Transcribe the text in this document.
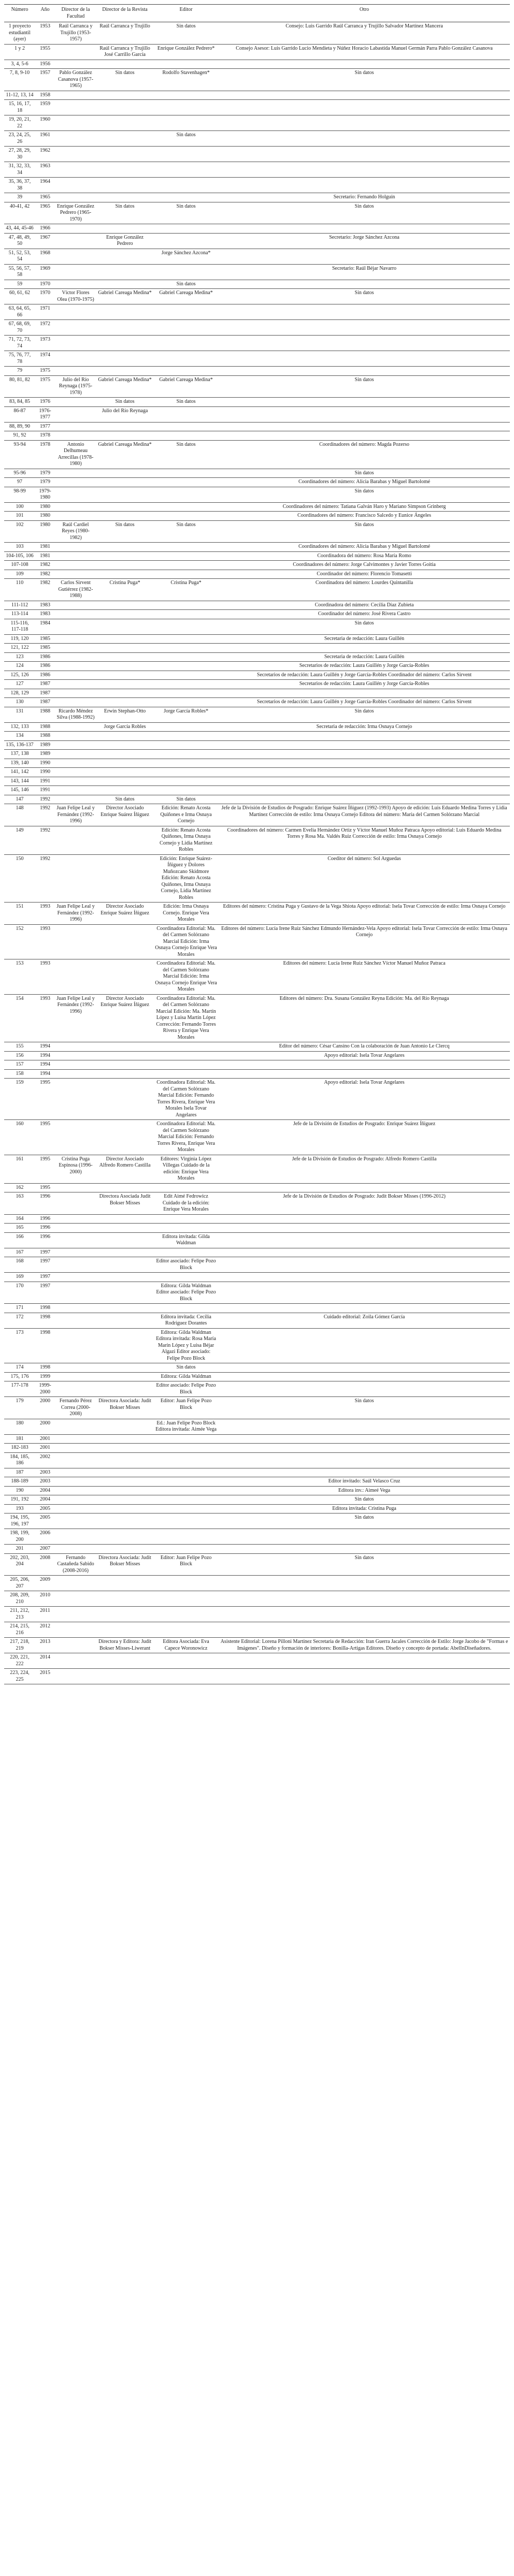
Número	Año	Director de la Facultad	Director de la Revista	Editor	Otro
1 proyecto estudiantil (ayer)	1953	Raúl Carranca y Trujillo (1953-1957)	Raúl Carranca y Trujillo	Sin datos	Consejo: Luis Garrido Raúl Carranca y Trujillo Salvador Martínez Mancera
1 y 2	1955		Raúl Carranca y Trujillo José Carrillo García	Enrique González Pedrero*	Consejo Asesor: Luis Garrido Lucio Mendieta y Núñez Horacio Labastida Manuel Germán Parra Pablo González Casanova
3, 4, 5-6	1956				
7, 8, 9-10	1957	Pablo González Casanova (1957-1965)	Sin datos	Rodolfo Stavenhagen*	Sin datos
11-12, 13, 14	1958				
15, 16, 17, 18	1959				
19, 20, 21, 22	1960				
23, 24, 25, 26	1961			Sin datos	
27, 28, 29, 30	1962				
31, 32, 33, 34	1963				
35, 36, 37, 38	1964				
39	1965				Secretario: Fernando Holguín
40-41, 42	1965	Enrique González Pedrero (1965-1970)	Sin datos	Sin datos	Sin datos
43, 44, 45-46	1966				
47, 48, 49, 50	1967		Enrique González Pedrero		Secretario: Jorge Sánchez Azcona
51, 52, 53, 54	1968			Jorge Sánchez Azcona*	
55, 56, 57, 58	1969				Secretario: Raúl Béjar Navarro
59	1970			Sin datos	
60, 61, 62	1970	Víctor Flores Olea (1970-1975)	Gabriel Careaga Medina*	Gabriel Careaga Medina*	Sin datos
63, 64, 65, 66	1971				
67, 68, 69, 70	1972				
71, 72, 73, 74	1973				
75, 76, 77, 78	1974				
79	1975				
80, 81, 82	1975	Julio del Río Reynaga (1975-1978)	Gabriel Careaga Medina*	Gabriel Careaga Medina*	Sin datos
83, 84, 85	1976		Sin datos	Sin datos	
86-87	1976-1977		Julio del Río Reynaga		
88, 89, 90	1977				
91, 92	1978				
93-94	1978	Antonio Delhumeau Arrecillas (1978-1980)	Gabriel Careaga Medina*	Sin datos	Coordinadores del número: Magda Pozerso
95-96	1979				Sin datos
97	1979				Coordinadores del número: Alicia Barabas y Miguel Bartolomé
98-99	1979-1980				Sin datos
100	1980				Coordinadores del número: Tatiana Galván Haro y Mariano Simpson Grinberg
101	1980				Coordinadores del número: Francisco Salcedo y Eunice Ángeles
102	1980	Raúl Cardiel Reyes (1980-1982)	Sin datos	Sin datos	Sin datos
103	1981				Coordinadores del número: Alicia Barabas y Miguel Bartolomé
104-105, 106	1981				Coordinadora del número: Rosa María Romo
107-108	1982				Coordinadores del número: Jorge Calvimontes y Javier Torres Goitia
109	1982				Coordinador del número: Florencio Tomasetti
110	1982	Carlos Sirvent Gutiérrez (1982-1988)	Cristina Puga*	Cristina Puga*	Coordinadora del número: Lourdes Quintanilla
111-112	1983				Coordinadora del número: Cecilia Díaz Zubieta
113-114	1983				Coordinador del número: José Rivera Castro
115-116, 117-118	1984				Sin datos
119, 120	1985				Secretaria de redacción: Laura Guillén
121, 122	1985				
123	1986				Secretaria de redacción: Laura Guillén
124	1986				Secretarios de redacción: Laura Guillén y Jorge García-Robles
125, 126	1986				Secretarios de redacción: Laura Guillén y Jorge García-Robles Coordinador del número: Carlos Sirvent
127	1987				Secretarios de redacción: Laura Guillén y Jorge García-Robles
128, 129	1987				
130	1987				Secretarios de redacción: Laura Guillén y Jorge García-Robles Coordinador del número: Carlos Sirvent
131	1988	Ricardo Méndez Silva (1988-1992)	Erwin Stephan-Otto	Jorge García Robles*	Sin datos
132, 133	1988		Jorge García Robles		Secretaria de redacción: Irma Osnaya Cornejo
134	1988				
135, 136-137	1989				
137, 138	1989				
139, 140	1990				
141, 142	1990				
143, 144	1991				
145, 146	1991				
147	1992		Sin datos	Sin datos	
148	1992	Juan Felipe Leal y Fernández (1992-1996)	Director Asociado Enrique Suárez Íñiguez	Edición: Renato Acosta Quiñones e Irma Osnaya Cornejo	Jefe de la División de Estudios de Posgrado: Enrique Suárez Íñiguez (1992-1993) Apoyo de edición: Luis Eduardo Medina Torres y Lidia Martínez Corrección de estilo: Irma Osnaya Cornejo Editora del número: María del Carmen Solórzano Marcial
149	1992			Edición: Renato Acosta Quiñones, Irma Osnaya Cornejo y Lidia Martínez Robles	Coordinadores del número: Carmen Evelia Hernández Ortiz y Víctor Manuel Muñoz Patraca Apoyo editorial: Luis Eduardo Medina Torres y Rosa Ma. Valdés Ruiz Corrección de estilo: Irma Osnaya Cornejo
150	1992			Edición: Enrique Suárez-Íñiguez y Dolores Muñozcano Skidmore Edición: Renato Acosta Quiñones, Irma Osnaya Cornejo, Lidia Martínez Robles	Coeditor del número: Sol Arguedas
151	1993	Juan Felipe Leal y Fernández (1992-1996)	Director Asociado Enrique Suárez Íñiguez	Edición: Irma Osnaya Cornejo. Enrique Vera Morales	Editores del número: Cristina Puga y Gustavo de la Vega Shiota Apoyo editorial: Isela Tovar Corrección de estilo: Irma Osnaya Cornejo
152	1993			Coordinadora Editorial: Ma. del Carmen Solórzano Marcial Edición: Irma Osnaya Cornejo Enrique Vera Morales	Editores del número: Lucía Irene Ruiz Sánchez Edmundo Hernández-Vela Apoyo editorial: Isela Tovar Corrección de estilo: Irma Osnaya Cornejo
153	1993			Coordinadora Editorial: Ma. del Carmen Solórzano Marcial Edición: Irma Osnaya Cornejo Enrique Vera Morales	Editores del número: Lucía Irene Ruiz Sánchez Víctor Manuel Muñoz Patraca
154	1993	Juan Felipe Leal y Fernández (1992-1996)	Director Asociado Enrique Suárez Íñiguez	Coordinadora Editorial: Ma. del Carmen Solórzano Marcial Edición: Ma. Martín López y Luisa Martín López Corrección: Fernando Torres Rivera y Enrique Vera Morales	Editores del número: Dra. Susana González Reyna Edición: Ma. del Río Reynaga
155	1994				Editor del número: César Cansino Con la colaboración de Juan Antonio Le Clercq
156	1994				Apoyo editorial: Isela Tovar Angelares
157	1994				
158	1994				
159	1995			Coordinadora Editorial: Ma. del Carmen Solórzano Marcial Edición: Fernando Torres Rivera, Enrique Vera Morales Isela Tovar Angelares	Apoyo editorial: Isela Tovar Angelares
160	1995			Coordinadora Editorial: Ma. del Carmen Solórzano Marcial Edición: Fernando Torres Rivera, Enrique Vera Morales	Jefe de la División de Estudios de Posgrado: Enrique Suárez Íñiguez
161	1995	Cristina Puga Espinosa (1996-2000)	Director Asociado Alfredo Romero Castilla	Editores: Virginia López Villegas Cuidado de la edición: Enrique Vera Morales	Jefe de la División de Estudios de Posgrado: Alfredo Romero Castilla
162	1995				
163	1996		Directora Asociada Judit Bokser Misses	Edit Aimé Fedrowicz Cuidado de la edición: Enrique Vera Morales	Jefe de la División de Estudios de Posgrado: Judit Bokser Misses (1996-2012)
164	1996				
165	1996				
166	1996			Editora invitada: Gilda Waldman	
167	1997				
168	1997			Editor asociado: Felipe Pozo Block	
169	1997				
170	1997			Editora: Gilda Waldman Editor asociado: Felipe Pozo Block	
171	1998				
172	1998			Editora invitada: Cecilia Rodríguez Dorantes	Cuidado editorial: Zoila Gómez García
173	1998			Editora: Gilda Waldman Editora invitada: Rosa María Marín López y Luisa Béjar Algazi Editor asociado: Felipe Pozo Block	
174	1998			Sin datos	
175, 176	1999			Editora: Gilda Waldman	
177-178	1999-2000			Editor asociado: Felipe Pozo Block	
179	2000	Fernando Pérez Correa (2000-2008)	Directora Asociada: Judit Bokser Misses	Editor: Juan Felipe Pozo Block	Sin datos
180	2000			Ed.: Juan Felipe Pozo Block Editora invitada: Aimée Vega	
181	2001				
182-183	2001				
184, 185, 186	2002				
187	2003				
188-189	2003				Editor invitado: Saúl Velasco Cruz
190	2004				Editora inv.: Aimeé Vega
191, 192	2004				Sin datos
193	2005				Editora invitada: Cristina Puga
194, 195, 196, 197	2005				Sin datos
198, 199, 200	2006				
201	2007				
202, 203, 204	2008	Fernando Castañeda Sabido (2008-2016)	Directora Asociada: Judit Bokser Misses	Editor: Juan Felipe Pozo Block	Sin datos
205, 206, 207	2009				
208, 209, 210	2010				
211, 212, 213	2011				
214, 215, 216	2012				
217, 218, 219	2013		Directora y Editora: Judit Bokser Misses-Liwerant	Editora Asociada: Eva Capece Woronowicz	Asistente Editorial: Lorena Pilloni Martínez Secretaria de Redacción: Iran Guerra Jacales Corrección de Estilo: Jorge Jacobo de "Formas e Imágenes". Diseño y formación de interiores: Bonilla-Artigas Editores. Diseño y concepto de portada: AbelInDiseñadores.
220, 221, 222	2014				
223, 224, 225	2015				
